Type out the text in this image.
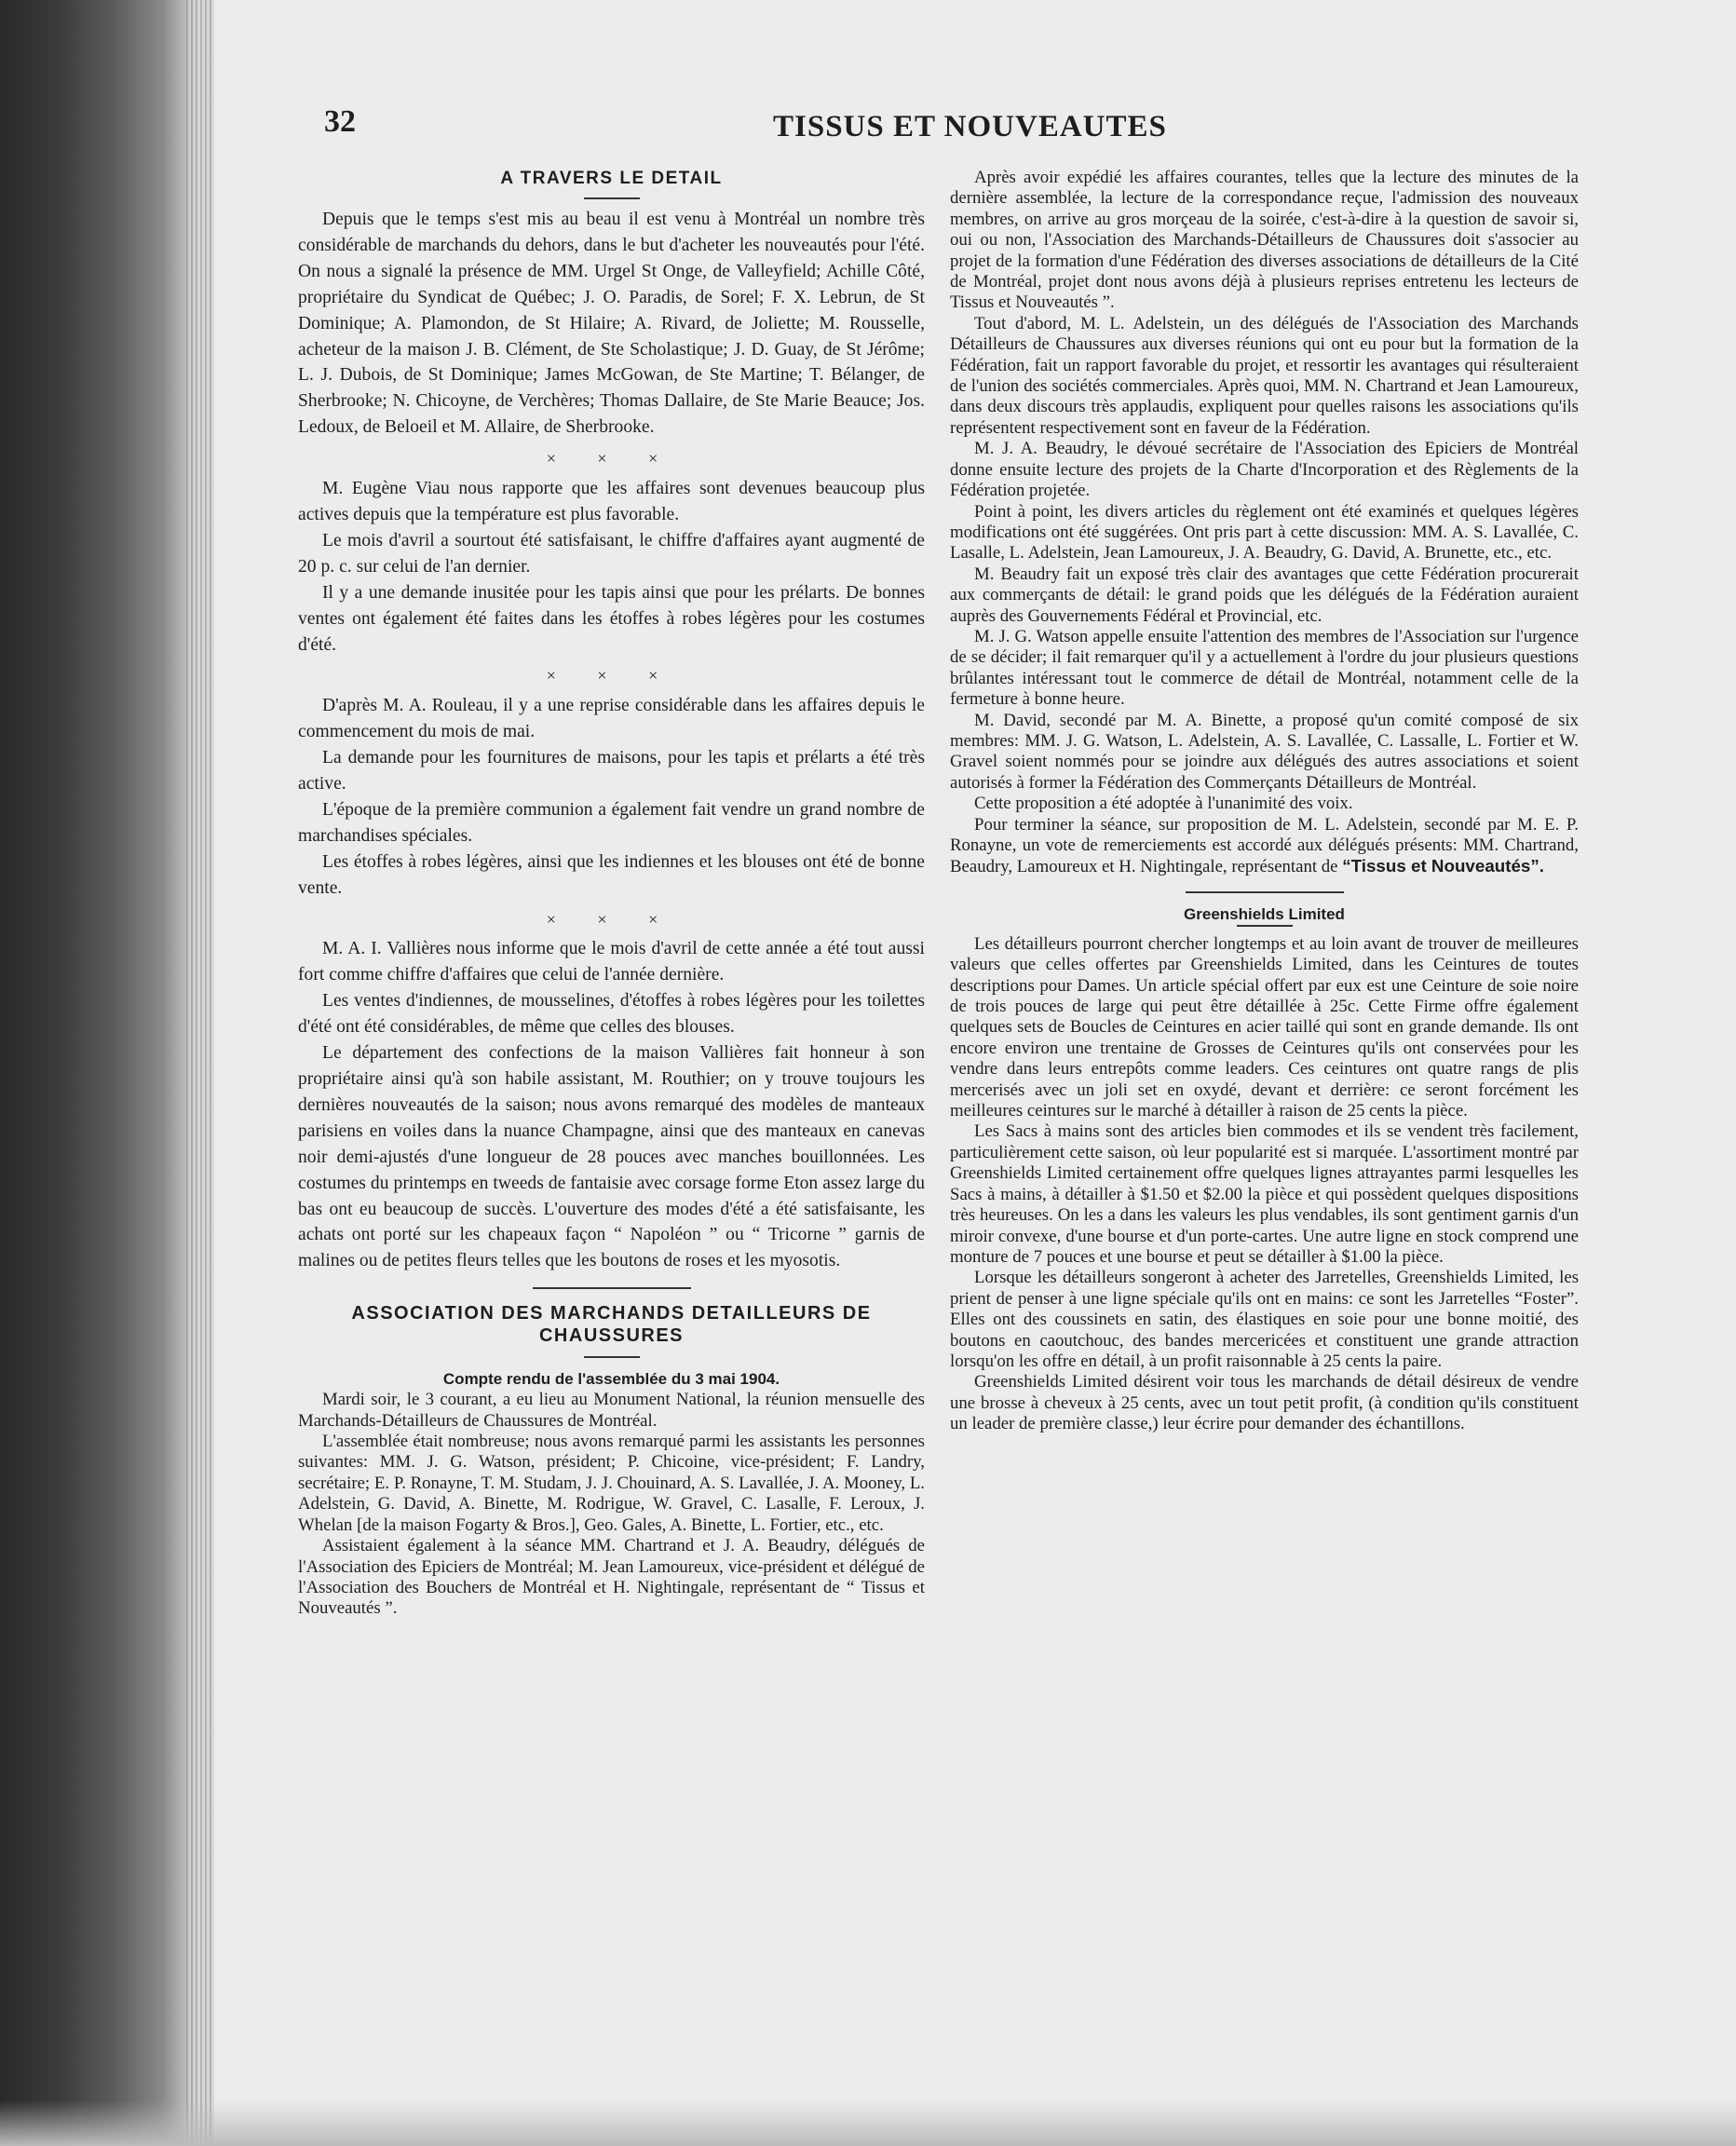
32	TISSUS ET NOUVEAUTES
A TRAVERS LE DETAIL

Depuis que le temps s'est mis au beau il est venu à Montréal un nombre très considérable de marchands du dehors, dans le but d'acheter les nouveautés pour l'été. On nous a signalé la présence de MM. Urgel St Onge, de Valleyfield; Achille Côté, propriétaire du Syndicat de Québec; J. O. Paradis, de Sorel; F. X. Lebrun, de St Dominique; A. Plamondon, de St Hilaire; A. Rivard, de Joliette; M. Rousselle, acheteur de la maison J. B. Clément, de Ste Scholastique; J. D. Guay, de St Jérôme; L. J. Dubois, de St Dominique; James McGowan, de Ste Martine; T. Bélanger, de Sherbrooke; N. Chicoyne, de Verchères; Thomas Dallaire, de Ste Marie Beauce; Jos. Ledoux, de Beloeil et M. Allaire, de Sherbrooke.

× × ×

M. Eugène Viau nous rapporte que les affaires sont devenues beaucoup plus actives depuis que la température est plus favorable.

Le mois d'avril a sourtout été satisfaisant, le chiffre d'affaires ayant augmenté de 20 p. c. sur celui de l'an dernier.

Il y a une demande inusitée pour les tapis ainsi que pour les prélarts. De bonnes ventes ont également été faites dans les étoffes à robes légères pour les costumes d'été.

× × ×

D'après M. A. Rouleau, il y a une reprise considérable dans les affaires depuis le commencement du mois de mai.

La demande pour les fournitures de maisons, pour les tapis et prélarts a été très active.

L'époque de la première communion a également fait vendre un grand nombre de marchandises spéciales.

Les étoffes à robes légères, ainsi que les indiennes et les blouses ont été de bonne vente.

× × ×

M. A. I. Vallières nous informe que le mois d'avril de cette année a été tout aussi fort comme chiffre d'affaires que celui de l'année dernière.

Les ventes d'indiennes, de mousselines, d'étoffes à robes légères pour les toilettes d'été ont été considérables, de même que celles des blouses.

Le département des confections de la maison Vallières fait honneur à son propriétaire ainsi qu'à son habile assistant, M. Routhier; on y trouve toujours les dernières nouveautés de la saison; nous avons remarqué des modèles de manteaux parisiens en voiles dans la nuance Champagne, ainsi que des manteaux en canevas noir demi-ajustés d'une longueur de 28 pouces avec manches bouillonnées. Les costumes du printemps en tweeds de fantaisie avec corsage forme Eton assez large du bas ont eu beaucoup de succès. L'ouverture des modes d'été a été satisfaisante, les achats ont porté sur les chapeaux façon “ Napoléon ” ou “ Tricorne ” garnis de malines ou de petites fleurs telles que les boutons de roses et les myosotis.

ASSOCIATION DES MARCHANDS DETAILLEURS DE CHAUSSURES
Compte rendu de l'assemblée du 3 mai 1904.

Mardi soir, le 3 courant, a eu lieu au Monument National, la réunion mensuelle des Marchands-Détailleurs de Chaussures de Montréal.

L'assemblée était nombreuse; nous avons remarqué parmi les assistants les personnes suivantes: MM. J. G. Watson, président; P. Chicoine, vice-président; F. Landry, secrétaire; E. P. Ronayne, T. M. Studam, J. J. Chouinard, A. S. Lavallée, J. A. Mooney, L. Adelstein, G. David, A. Binette, M. Rodrigue, W. Gravel, C. Lasalle, F. Leroux, J. Whelan [de la maison Fogarty & Bros.], Geo. Gales, A. Binette, L. Fortier, etc., etc.

Assistaient également à la séance MM. Chartrand et J. A. Beaudry, délégués de l'Association des Epiciers de Montréal; M. Jean Lamoureux, vice-président et délégué de l'Association des Bouchers de Montréal et H. Nightingale, représentant de “ Tissus et Nouveautés ”.

Après avoir expédié les affaires courantes, telles que la lecture des minutes de la dernière assemblée, la lecture de la correspondance reçue, l'admission des nouveaux membres, on arrive au gros morçeau de la soirée, c'est-à-dire à la question de savoir si, oui ou non, l'Association des Marchands-Détailleurs de Chaussures doit s'associer au projet de la formation d'une Fédération des diverses associations de détailleurs de la Cité de Montréal, projet dont nous avons déjà à plusieurs reprises entretenu les lecteurs de Tissus et Nouveautés ”.

Tout d'abord, M. L. Adelstein, un des délégués de l'Association des Marchands Détailleurs de Chaussures aux diverses réunions qui ont eu pour but la formation de la Fédération, fait un rapport favorable du projet, et ressortir les avantages qui résulteraient de l'union des sociétés commerciales. Après quoi, MM. N. Chartrand et Jean Lamoureux, dans deux discours très applaudis, expliquent pour quelles raisons les associations qu'ils représentent respectivement sont en faveur de la Fédération.

M. J. A. Beaudry, le dévoué secrétaire de l'Association des Epiciers de Montréal donne ensuite lecture des projets de la Charte d'Incorporation et des Règlements de la Fédération projetée.

Point à point, les divers articles du règlement ont été examinés et quelques légères modifications ont été suggérées. Ont pris part à cette discussion: MM. A. S. Lavallée, C. Lasalle, L. Adelstein, Jean Lamoureux, J. A. Beaudry, G. David, A. Brunette, etc., etc.

M. Beaudry fait un exposé très clair des avantages que cette Fédération procurerait aux commerçants de détail: le grand poids que les délégués de la Fédération auraient auprès des Gouvernements Fédéral et Provincial, etc.

M. J. G. Watson appelle ensuite l'attention des membres de l'Association sur l'urgence de se décider; il fait remarquer qu'il y a actuellement à l'ordre du jour plusieurs questions brûlantes intéressant tout le commerce de détail de Montréal, notamment celle de la fermeture à bonne heure.

M. David, secondé par M. A. Binette, a proposé qu'un comité composé de six membres: MM. J. G. Watson, L. Adelstein, A. S. Lavallée, C. Lassalle, L. Fortier et W. Gravel soient nommés pour se joindre aux délégués des autres associations et soient autorisés à former la Fédération des Commerçants Détailleurs de Montréal.

Cette proposition a été adoptée à l'unanimité des voix.

Pour terminer la séance, sur proposition de M. L. Adelstein, secondé par M. E. P. Ronayne, un vote de remerciements est accordé aux délégués présents: MM. Chartrand, Beaudry, Lamoureux et H. Nightingale, représentant de “Tissus et Nouveautés”.

Greenshields Limited

Les détailleurs pourront chercher longtemps et au loin avant de trouver de meilleures valeurs que celles offertes par Greenshields Limited, dans les Ceintures de toutes descriptions pour Dames. Un article spécial offert par eux est une Ceinture de soie noire de trois pouces de large qui peut être détaillée à 25c. Cette Firme offre également quelques sets de Boucles de Ceintures en acier taillé qui sont en grande demande. Ils ont encore environ une trentaine de Grosses de Ceintures qu'ils ont conservées pour les vendre dans leurs entrepôts comme leaders. Ces ceintures ont quatre rangs de plis mercerisés avec un joli set en oxydé, devant et derrière: ce seront forcément les meilleures ceintures sur le marché à détailler à raison de 25 cents la pièce.

Les Sacs à mains sont des articles bien commodes et ils se vendent très facilement, particulièrement cette saison, où leur popularité est si marquée. L'assortiment montré par Greenshields Limited certainement offre quelques lignes attrayantes parmi lesquelles les Sacs à mains, à détailler à $1.50 et $2.00 la pièce et qui possèdent quelques dispositions très heureuses. On les a dans les valeurs les plus vendables, ils sont gentiment garnis d'un miroir convexe, d'une bourse et d'un porte-cartes. Une autre ligne en stock comprend une monture de 7 pouces et une bourse et peut se détailler à $1.00 la pièce.

Lorsque les détailleurs songeront à acheter des Jarretelles, Greenshields Limited, les prient de penser à une ligne spéciale qu'ils ont en mains: ce sont les Jarretelles “Foster”. Elles ont des coussinets en satin, des élastiques en soie pour une bonne moitié, des boutons en caoutchouc, des bandes mercericées et constituent une grande attraction lorsqu'on les offre en détail, à un profit raisonnable à 25 cents la paire.

Greenshields Limited désirent voir tous les marchands de détail désireux de vendre une brosse à cheveux à 25 cents, avec un tout petit profit, (à condition qu'ils constituent un leader de première classe,) leur écrire pour demander des échantillons.
